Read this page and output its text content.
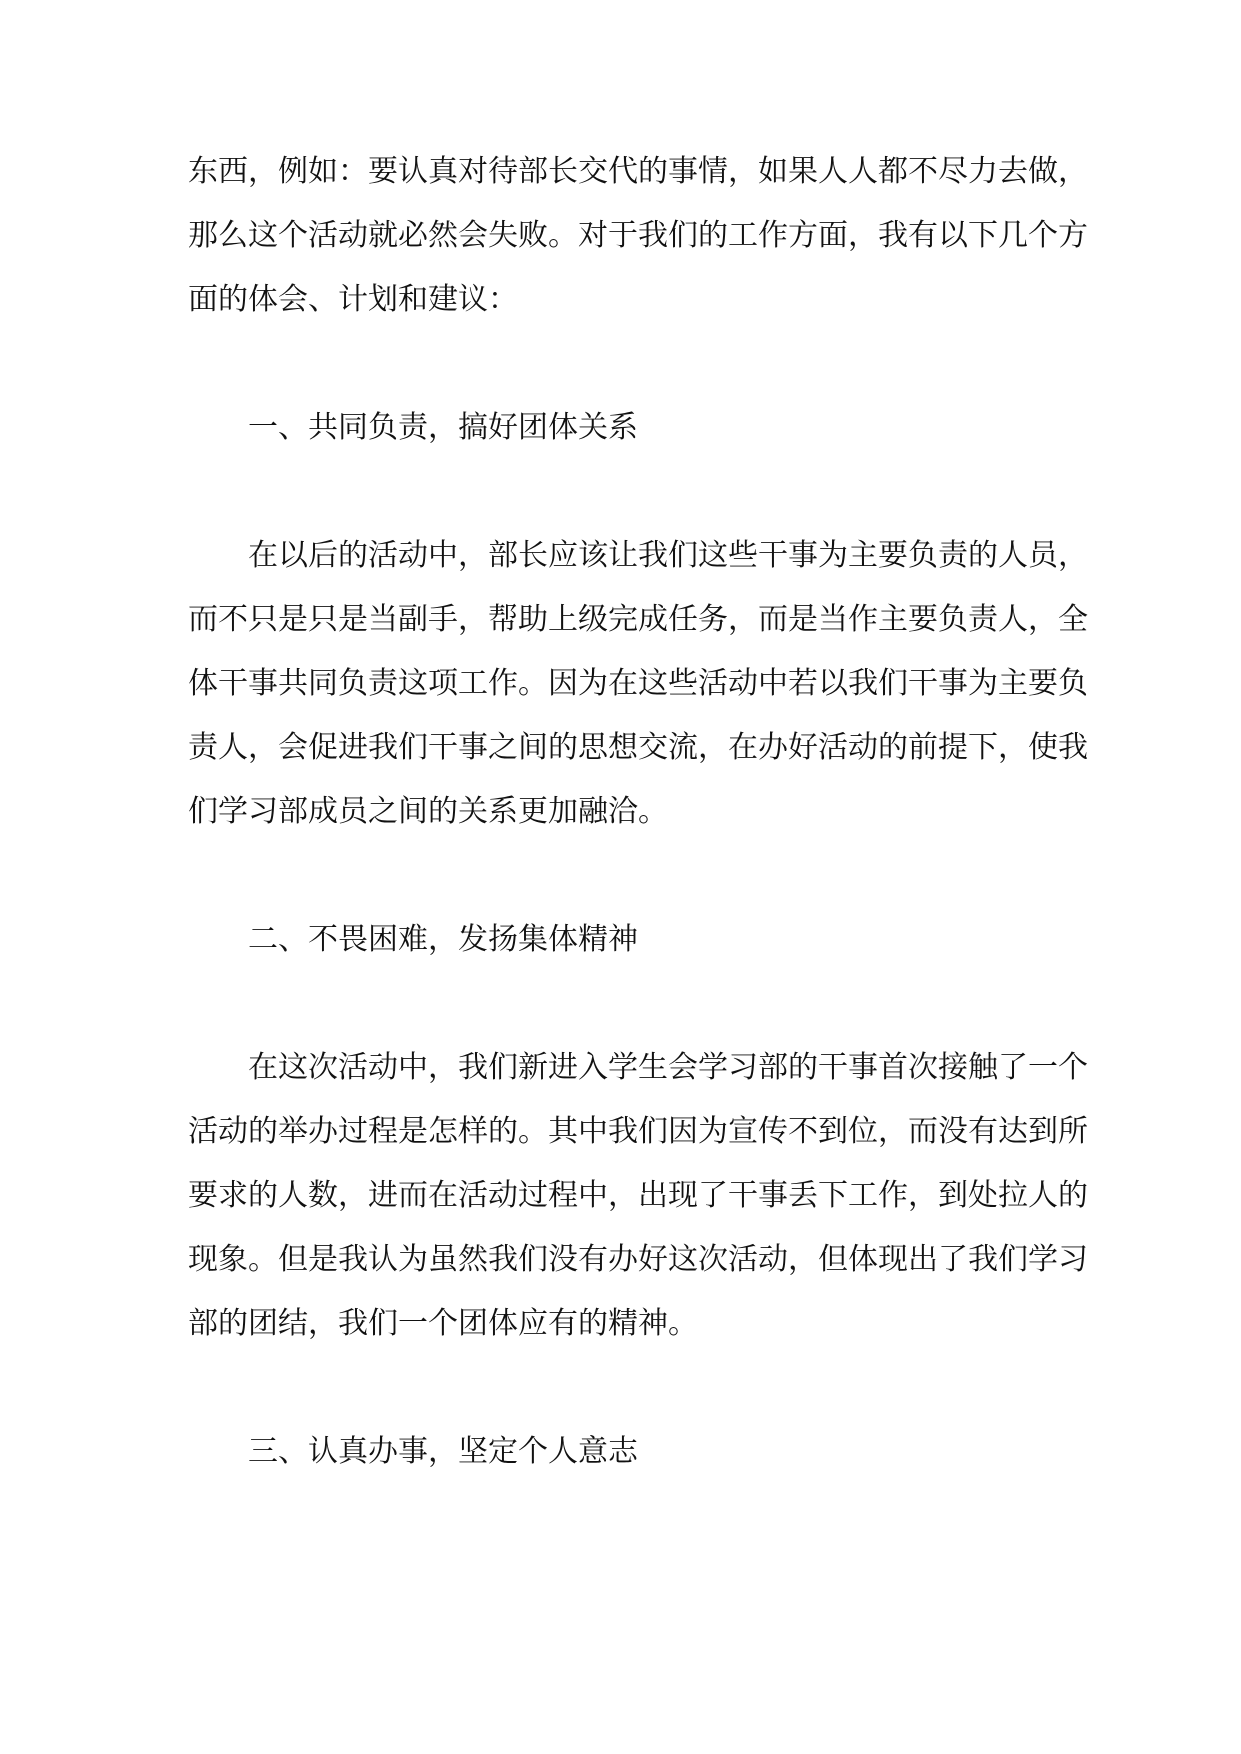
东西，例如：要认真对待部长交代的事情，如果人人都不尽力去做，
那么这个活动就必然会失败。对于我们的工作方面，我有以下几个方
面的体会、计划和建议：

一、共同负责，搞好团体关系

在以后的活动中，部长应该让我们这些干事为主要负责的人员，
而不只是只是当副手，帮助上级完成任务，而是当作主要负责人，全
体干事共同负责这项工作。因为在这些活动中若以我们干事为主要负
责人，会促进我们干事之间的思想交流，在办好活动的前提下，使我
们学习部成员之间的关系更加融洽。

二、不畏困难，发扬集体精神

在这次活动中，我们新进入学生会学习部的干事首次接触了一个
活动的举办过程是怎样的。其中我们因为宣传不到位，而没有达到所
要求的人数，进而在活动过程中，出现了干事丢下工作，到处拉人的
现象。但是我认为虽然我们没有办好这次活动，但体现出了我们学习
部的团结，我们一个团体应有的精神。

三、认真办事，坚定个人意志
